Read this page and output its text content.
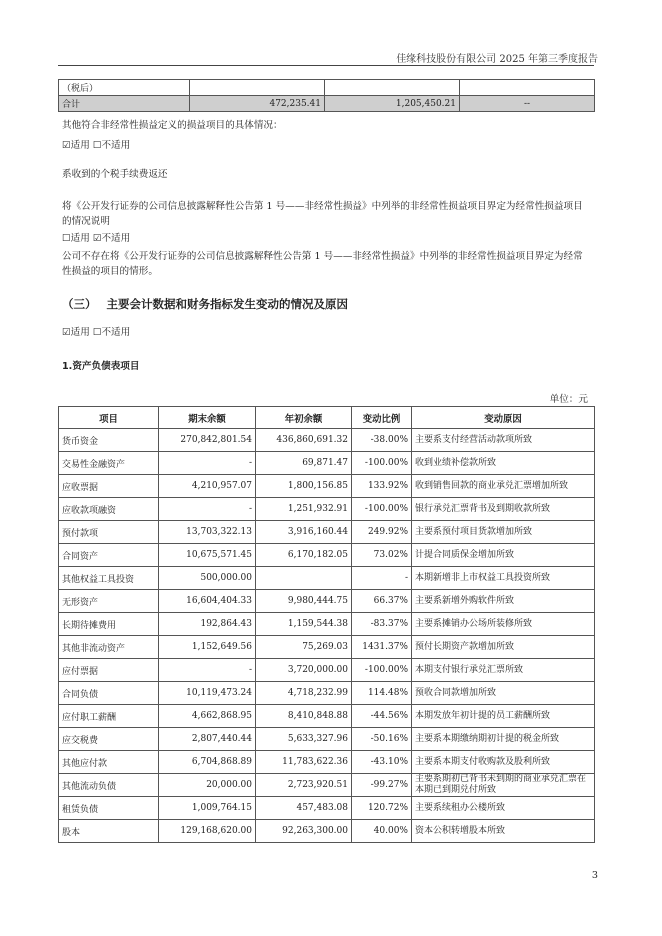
佳缘科技股份有限公司 2025 年第三季度报告
（税后）			
合计	472,235.41	1,205,450.21	--
其他符合非经常性损益定义的损益项目的具体情况：
☑适用 ☐不适用
系收到的个税手续费返还
将《公开发行证券的公司信息披露解释性公告第 1 号——非经常性损益》中列举的非经常性损益项目界定为经常性损益项目的情况说明
☐适用 ☑不适用
公司不存在将《公开发行证券的公司信息披露解释性公告第 1 号——非经常性损益》中列举的非经常性损益项目界定为经常性损益的项目的情形。
（三） 主要会计数据和财务指标发生变动的情况及原因
☑适用 ☐不适用
1.资产负债表项目
单位：元
项目	期末余额	年初余额	变动比例	变动原因
货币资金	270,842,801.54	436,860,691.32	-38.00%	主要系支付经营活动款项所致
交易性金融资产	-	69,871.47	-100.00%	收到业绩补偿款所致
应收票据	4,210,957.07	1,800,156.85	133.92%	收到销售回款的商业承兑汇票增加所致
应收款项融资	-	1,251,932.91	-100.00%	银行承兑汇票背书及到期收款所致
预付款项	13,703,322.13	3,916,160.44	249.92%	主要系预付项目货款增加所致
合同资产	10,675,571.45	6,170,182.05	73.02%	计提合同质保金增加所致
其他权益工具投资	500,000.00		-	本期新增非上市权益工具投资所致
无形资产	16,604,404.33	9,980,444.75	66.37%	主要系新增外购软件所致
长期待摊费用	192,864.43	1,159,544.38	-83.37%	主要系摊销办公场所装修所致
其他非流动资产	1,152,649.56	75,269.03	1431.37%	预付长期资产款增加所致
应付票据	-	3,720,000.00	-100.00%	本期支付银行承兑汇票所致
合同负债	10,119,473.24	4,718,232.99	114.48%	预收合同款增加所致
应付职工薪酬	4,662,868.95	8,410,848.88	-44.56%	本期发放年初计提的员工薪酬所致
应交税费	2,807,440.44	5,633,327.96	-50.16%	主要系本期缴纳期初计提的税金所致
其他应付款	6,704,868.89	11,783,622.36	-43.10%	主要系本期支付收购款及股利所致
其他流动负债	20,000.00	2,723,920.51	-99.27%	主要系期初已背书未到期的商业承兑汇票在本期已到期兑付所致
租赁负债	1,009,764.15	457,483.08	120.72%	主要系续租办公楼所致
股本	129,168,620.00	92,263,300.00	40.00%	资本公积转增股本所致
3
